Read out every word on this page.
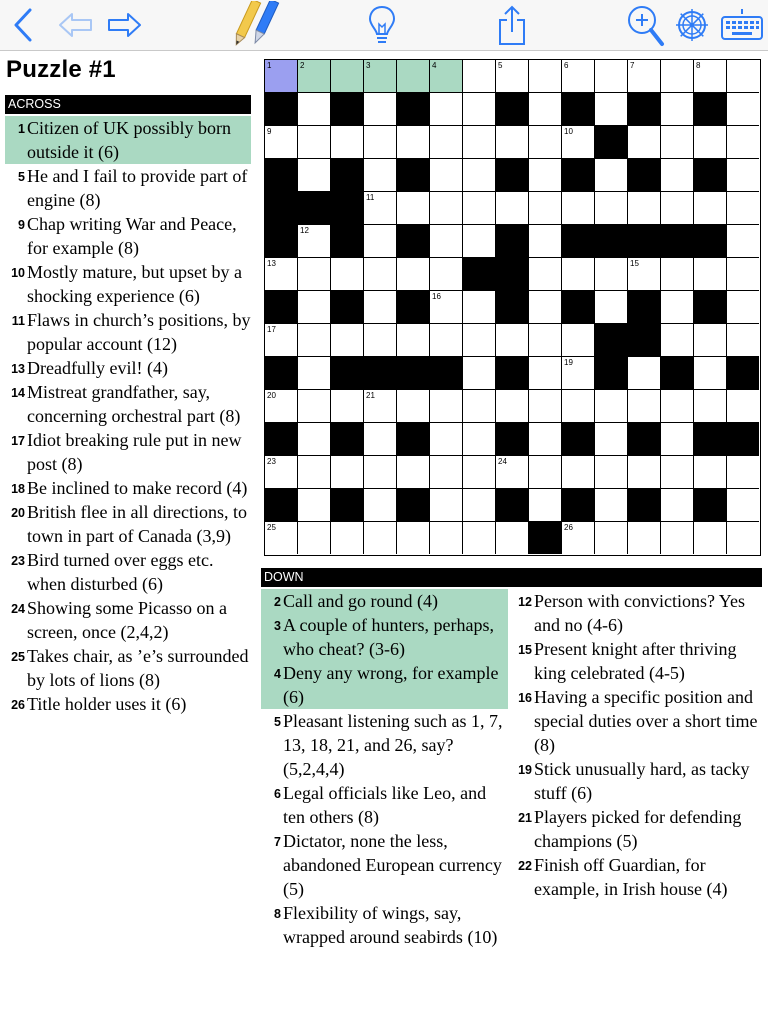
Puzzle #1
ACROSS
1 Citizen of UK possibly born outside it (6)
5 He and I fail to provide part of engine (8)
9 Chap writing War and Peace, for example (8)
10 Mostly mature, but upset by a shocking experience (6)
11 Flaws in church’s positions, by popular account (12)
13 Dreadfully evil! (4)
14 Mistreat grandfather, say, concerning orchestral part (8)
17 Idiot breaking rule put in new post (8)
18 Be inclined to make record (4)
20 British flee in all directions, to town in part of Canada (3,9)
23 Bird turned over eggs etc. when disturbed (6)
24 Showing some Picasso on a screen, once (2,4,2)
25 Takes chair, as ’e’s surrounded by lots of lions (8)
26 Title holder uses it (6)
1	2	3	4	5	6	7	8
9	10
11
12
13	14	15
16
17	18
19
20	21
22
23	24
25	26
DOWN
2 Call and go round (4)
3 A couple of hunters, perhaps, who cheat? (3-6)
4 Deny any wrong, for example (6)
5 Pleasant listening such as 1, 7, 13, 18, 21, and 26, say? (5,2,4,4)
6 Legal officials like Leo, and ten others (8)
7 Dictator, none the less, abandoned European currency (5)
8 Flexibility of wings, say, wrapped around seabirds (10)
12 Person with convictions? Yes and no (4-6)
15 Present knight after thriving king celebrated (4-5)
16 Having a specific position and special duties over a short time (8)
19 Stick unusually hard, as tacky stuff (6)
21 Players picked for defending champions (5)
22 Finish off Guardian, for example, in Irish house (4)
